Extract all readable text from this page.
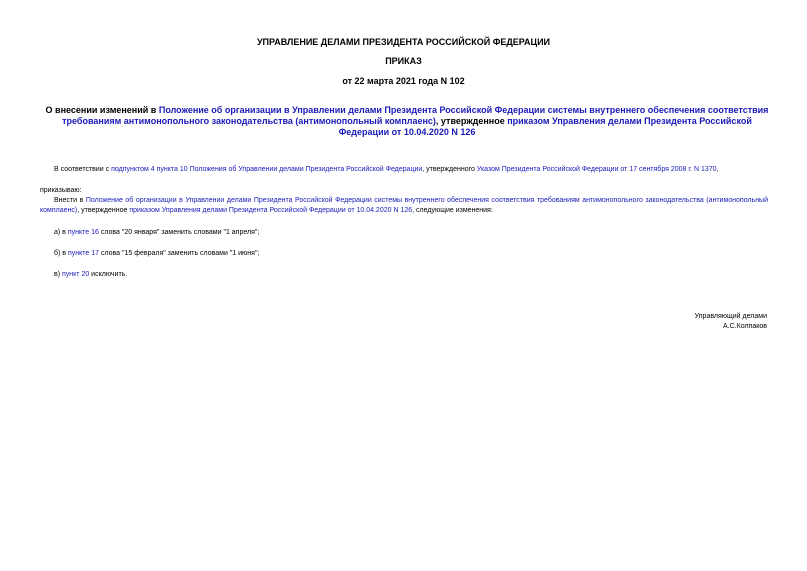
УПРАВЛЕНИЕ ДЕЛАМИ ПРЕЗИДЕНТА РОССИЙСКОЙ ФЕДЕРАЦИИ
ПРИКАЗ
от 22 марта 2021 года N 102
О внесении изменений в Положение об организации в Управлении делами Президента Российской Федерации системы внутреннего обеспечения соответствия требованиям антимонопольного законодательства (антимонопольный комплаенс), утвержденное приказом Управления делами Президента Российской Федерации от 10.04.2020 N 126
В соответствии с подпунктом 4 пункта 10 Положения об Управлении делами Президента Российской Федерации, утвержденного Указом Президента Российской Федерации от 17 сентября 2008 г. N 1370,
приказываю:
Внести в Положение об организации в Управлении делами Президента Российской Федерации системы внутреннего обеспечения соответствия требованиям антимонопольного законодательства (антимонопольный комплаенс), утвержденное приказом Управления делами Президента Российской Федерации от 10.04.2020 N 126, следующие изменения:
а) в пункте 16 слова "20 января" заменить словами "1 апреля";
б) в пункте 17 слова "15 февраля" заменить словами "1 июня";
в) пункт 20 исключить.
Управляющий делами
А.С.Колпаков
